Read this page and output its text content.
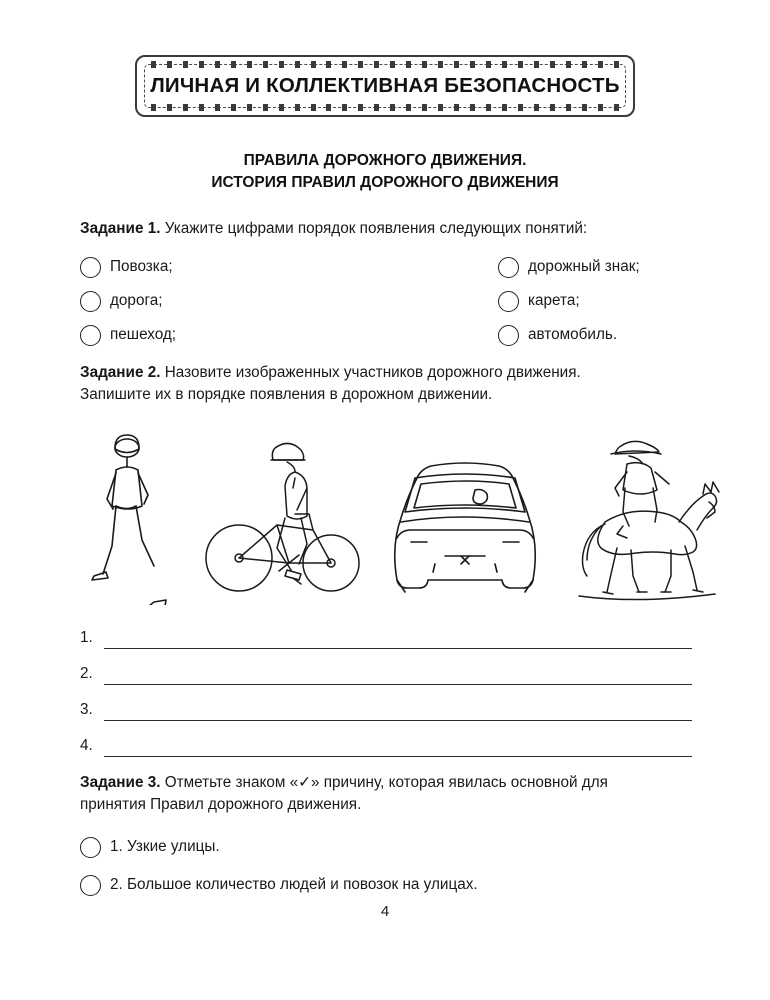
ЛИЧНАЯ И КОЛЛЕКТИВНАЯ БЕЗОПАСНОСТЬ
ПРАВИЛА ДОРОЖНОГО ДВИЖЕНИЯ.
ИСТОРИЯ ПРАВИЛ ДОРОЖНОГО ДВИЖЕНИЯ
Задание 1. Укажите цифрами порядок появления следующих понятий:
Повозка;
дорога;
пешеход;
дорожный знак;
карета;
автомобиль.
Задание 2. Назовите изображенных участников дорожного движения.
Запишите их в порядке появления в дорожном движении.
1.
2.
3.
4.
Задание 3. Отметьте знаком «✓» причину, которая явилась основной для
принятия Правил дорожного движения.
1. Узкие улицы.
2. Большое количество людей и повозок на улицах.
4
